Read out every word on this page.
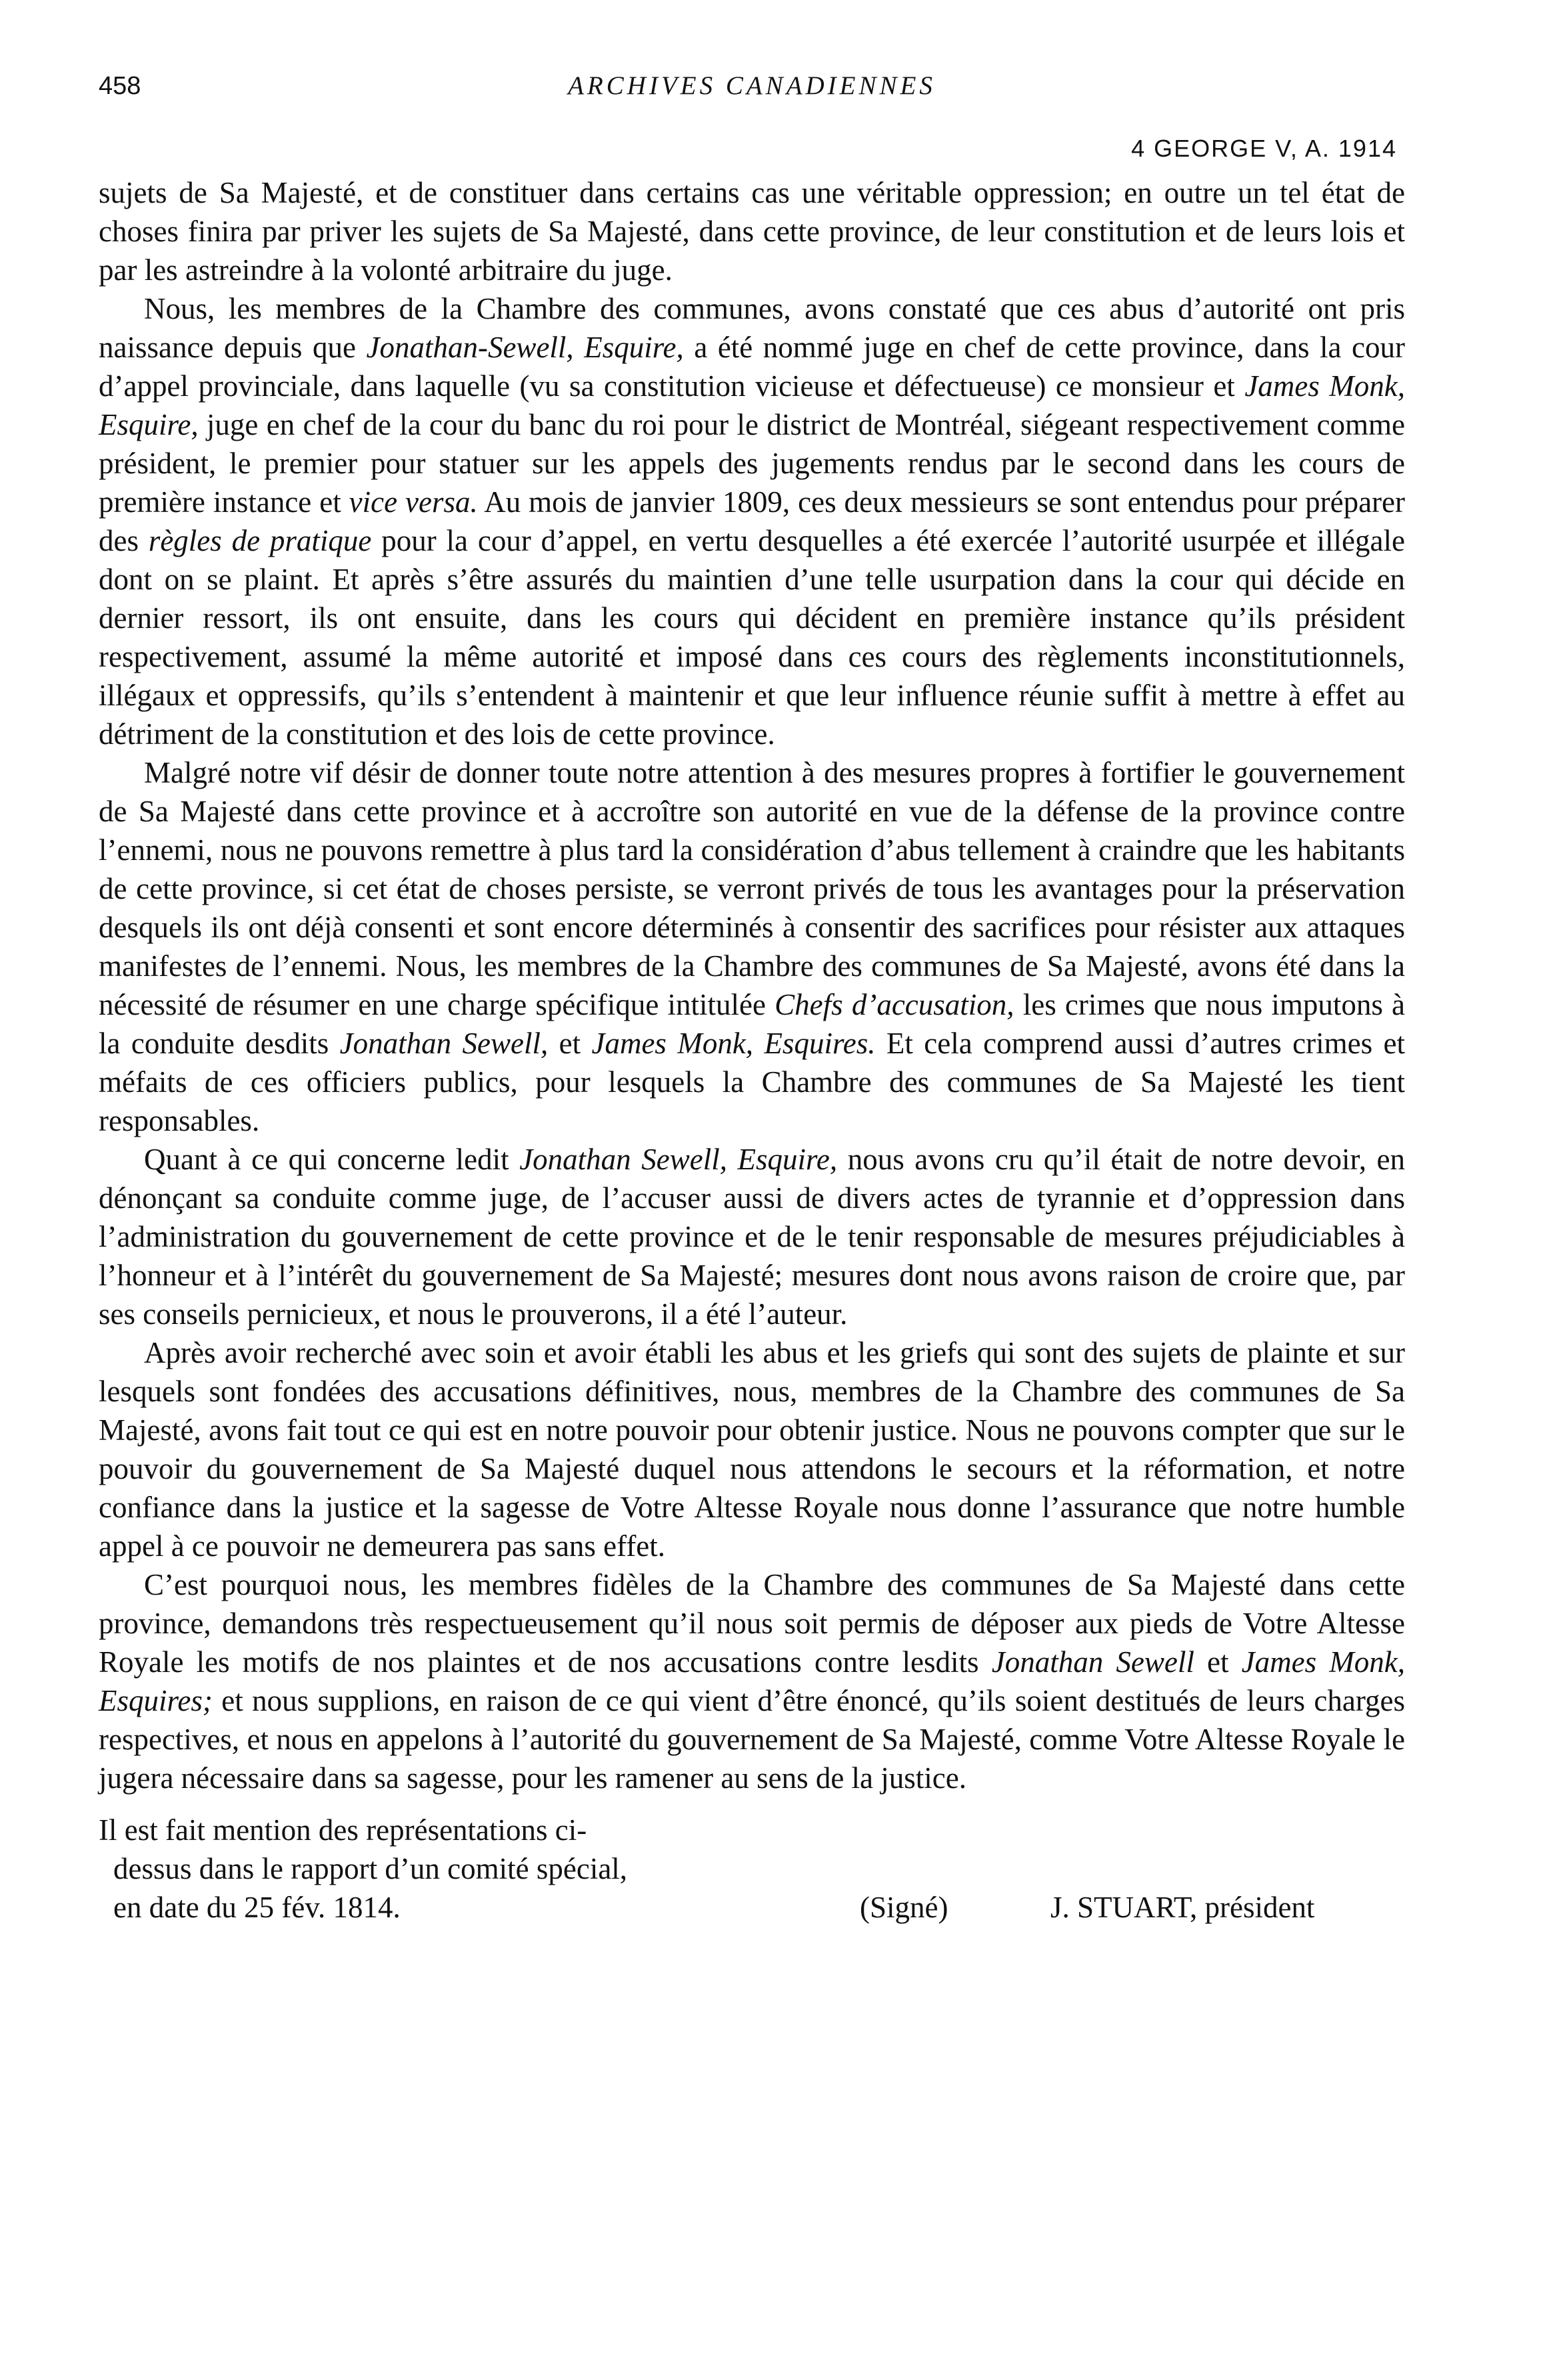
458	ARCHIVES CANADIENNES
4 GEORGE V, A. 1914

sujets de Sa Majesté, et de constituer dans certains cas une véritable oppression; en outre un tel état de choses finira par priver les sujets de Sa Majesté, dans cette province, de leur constitution et de leurs lois et par les astreindre à la volonté arbitraire du juge.

Nous, les membres de la Chambre des communes, avons constaté que ces abus d’autorité ont pris naissance depuis que Jonathan-Sewell, Esquire, a été nommé juge en chef de cette province, dans la cour d’appel provinciale, dans laquelle (vu sa constitution vicieuse et défectueuse) ce monsieur et James Monk, Esquire, juge en chef de la cour du banc du roi pour le district de Montréal, siégeant respectivement comme président, le premier pour statuer sur les appels des jugements rendus par le second dans les cours de première instance et vice versa. Au mois de janvier 1809, ces deux messieurs se sont entendus pour préparer des règles de pratique pour la cour d’appel, en vertu desquelles a été exercée l’autorité usurpée et illégale dont on se plaint. Et après s’être assurés du maintien d’une telle usurpation dans la cour qui décide en dernier ressort, ils ont ensuite, dans les cours qui décident en première instance qu’ils président respectivement, assumé la même autorité et imposé dans ces cours des règlements inconstitutionnels, illégaux et oppressifs, qu’ils s’entendent à maintenir et que leur influence réunie suffit à mettre à effet au détriment de la constitution et des lois de cette province.

Malgré notre vif désir de donner toute notre attention à des mesures propres à fortifier le gouvernement de Sa Majesté dans cette province et à accroître son autorité en vue de la défense de la province contre l’ennemi, nous ne pouvons remettre à plus tard la considération d’abus tellement à craindre que les habitants de cette province, si cet état de choses persiste, se verront privés de tous les avantages pour la préservation desquels ils ont déjà consenti et sont encore déterminés à consentir des sacrifices pour résister aux attaques manifestes de l’ennemi. Nous, les membres de la Chambre des communes de Sa Majesté, avons été dans la nécessité de résumer en une charge spécifique intitulée Chefs d’accusation, les crimes que nous imputons à la conduite desdits Jonathan Sewell, et James Monk, Esquires. Et cela comprend aussi d’autres crimes et méfaits de ces officiers publics, pour lesquels la Chambre des communes de Sa Majesté les tient responsables.

Quant à ce qui concerne ledit Jonathan Sewell, Esquire, nous avons cru qu’il était de notre devoir, en dénonçant sa conduite comme juge, de l’accuser aussi de divers actes de tyrannie et d’oppression dans l’administration du gouvernement de cette province et de le tenir responsable de mesures préjudiciables à l’honneur et à l’intérêt du gouvernement de Sa Majesté; mesures dont nous avons raison de croire que, par ses conseils pernicieux, et nous le prouverons, il a été l’auteur.

Après avoir recherché avec soin et avoir établi les abus et les griefs qui sont des sujets de plainte et sur lesquels sont fondées des accusations définitives, nous, membres de la Chambre des communes de Sa Majesté, avons fait tout ce qui est en notre pouvoir pour obtenir justice. Nous ne pouvons compter que sur le pouvoir du gouvernement de Sa Majesté duquel nous attendons le secours et la réformation, et notre confiance dans la justice et la sagesse de Votre Altesse Royale nous donne l’assurance que notre humble appel à ce pouvoir ne demeurera pas sans effet.

C’est pourquoi nous, les membres fidèles de la Chambre des communes de Sa Majesté dans cette province, demandons très respectueusement qu’il nous soit permis de déposer aux pieds de Votre Altesse Royale les motifs de nos plaintes et de nos accusations contre lesdits Jonathan Sewell et James Monk, Esquires; et nous supplions, en raison de ce qui vient d’être énoncé, qu’ils soient destitués de leurs charges respectives, et nous en appelons à l’autorité du gouvernement de Sa Majesté, comme Votre Altesse Royale le jugera nécessaire dans sa sagesse, pour les ramener au sens de la justice.

Il est fait mention des représentations ci-
dessus dans le rapport d’un comité spécial,
en date du 25 fév. 1814.	(Signé)	J. STUART, président
